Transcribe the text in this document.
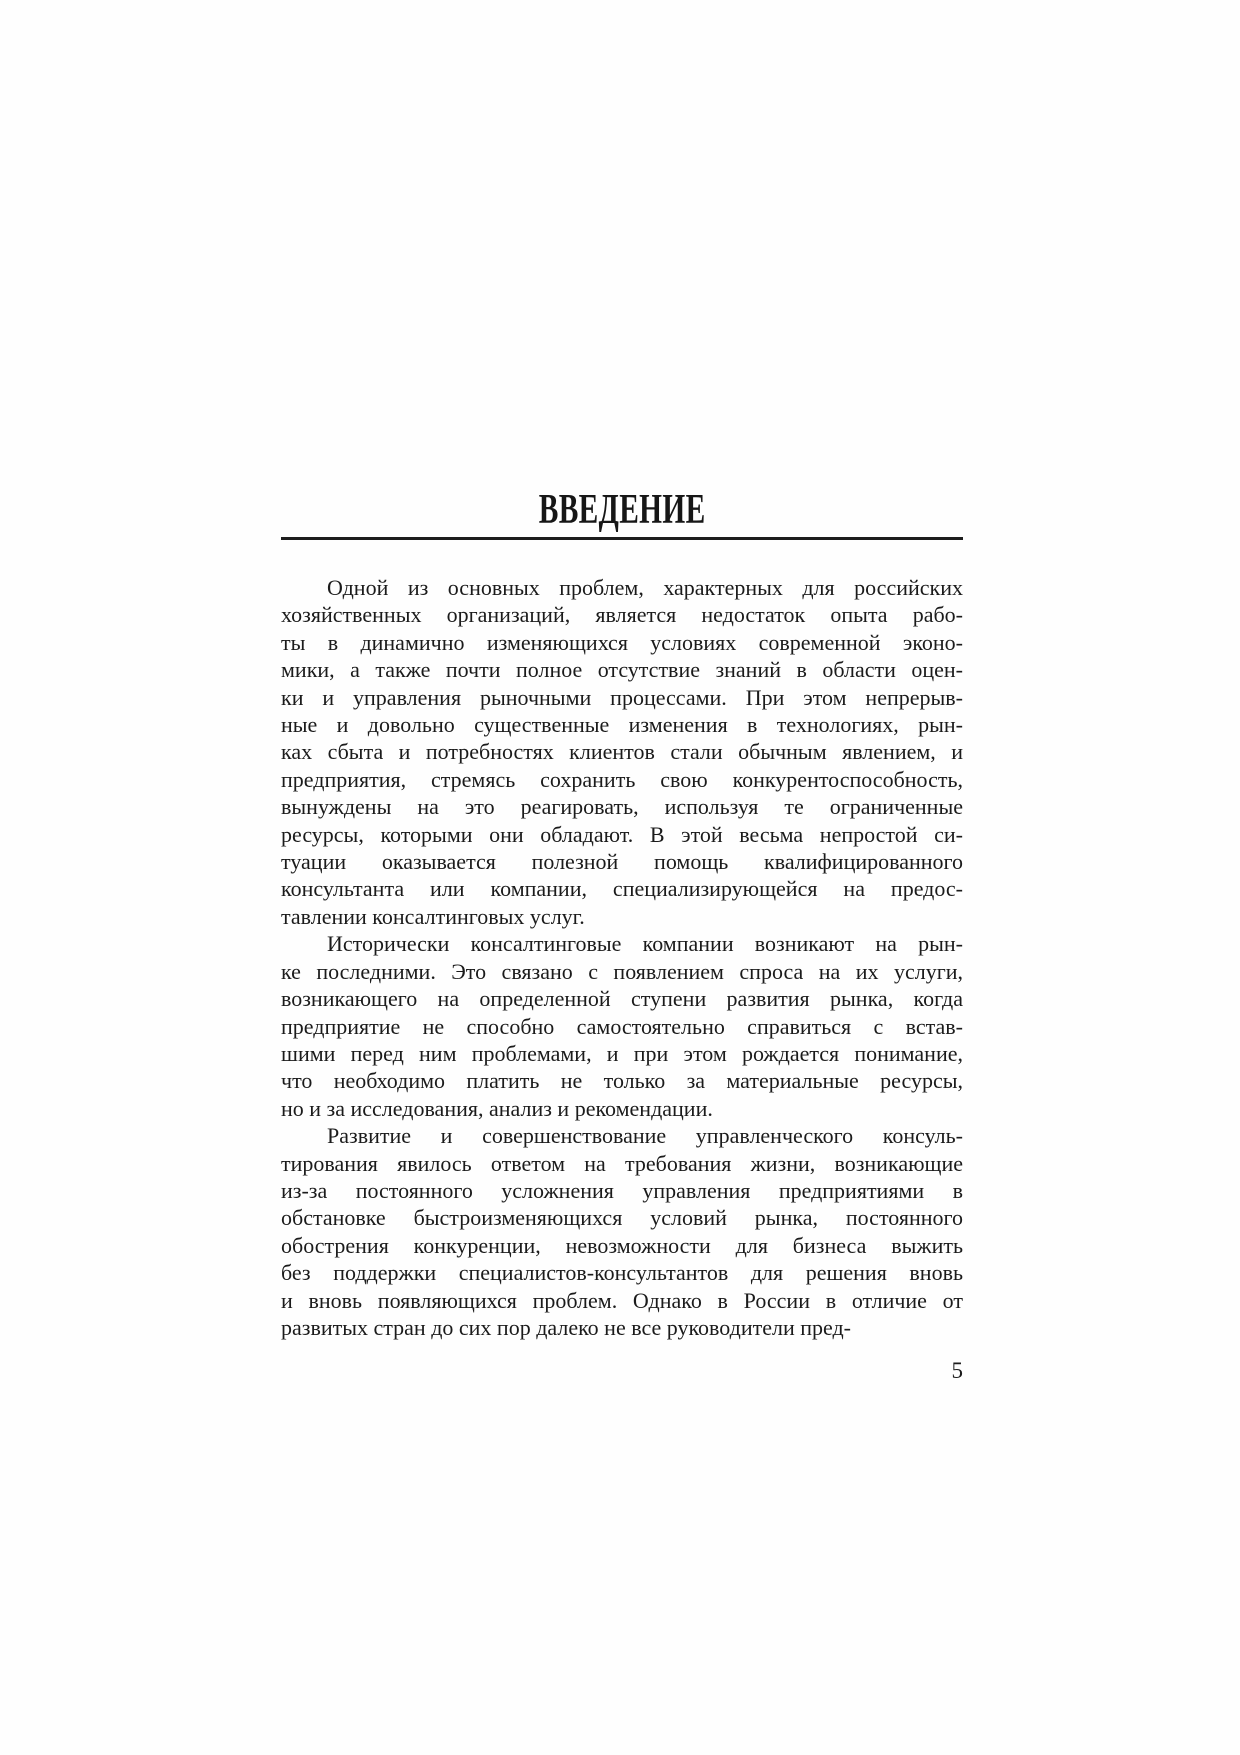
ВВЕДЕНИЕ
Одной из основных проблем, характерных для российских
хозяйственных организаций, является недостаток опыта рабо-
ты в динамично изменяющихся условиях современной эконо-
мики, а также почти полное отсутствие знаний в области оцен-
ки и управления рыночными процессами. При этом непрерыв-
ные и довольно существенные изменения в технологиях, рын-
ках сбыта и потребностях клиентов стали обычным явлением, и
предприятия, стремясь сохранить свою конкурентоспособность,
вынуждены на это реагировать, используя те ограниченные
ресурсы, которыми они обладают. В этой весьма непростой си-
туации оказывается полезной помощь квалифицированного
консультанта или компании, специализирующейся на предос-
тавлении консалтинговых услуг.
Исторически консалтинговые компании возникают на рын-
ке последними. Это связано с появлением спроса на их услуги,
возникающего на определенной ступени развития рынка, когда
предприятие не способно самостоятельно справиться с встав-
шими перед ним проблемами, и при этом рождается понимание,
что необходимо платить не только за материальные ресурсы,
но и за исследования, анализ и рекомендации.
Развитие и совершенствование управленческого консуль-
тирования явилось ответом на требования жизни, возникающие
из-за постоянного усложнения управления предприятиями в
обстановке быстроизменяющихся условий рынка, постоянного
обострения конкуренции, невозможности для бизнеса выжить
без поддержки специалистов-консультантов для решения вновь
и вновь появляющихся проблем. Однако в России в отличие от
развитых стран до сих пор далеко не все руководители пред-
5
